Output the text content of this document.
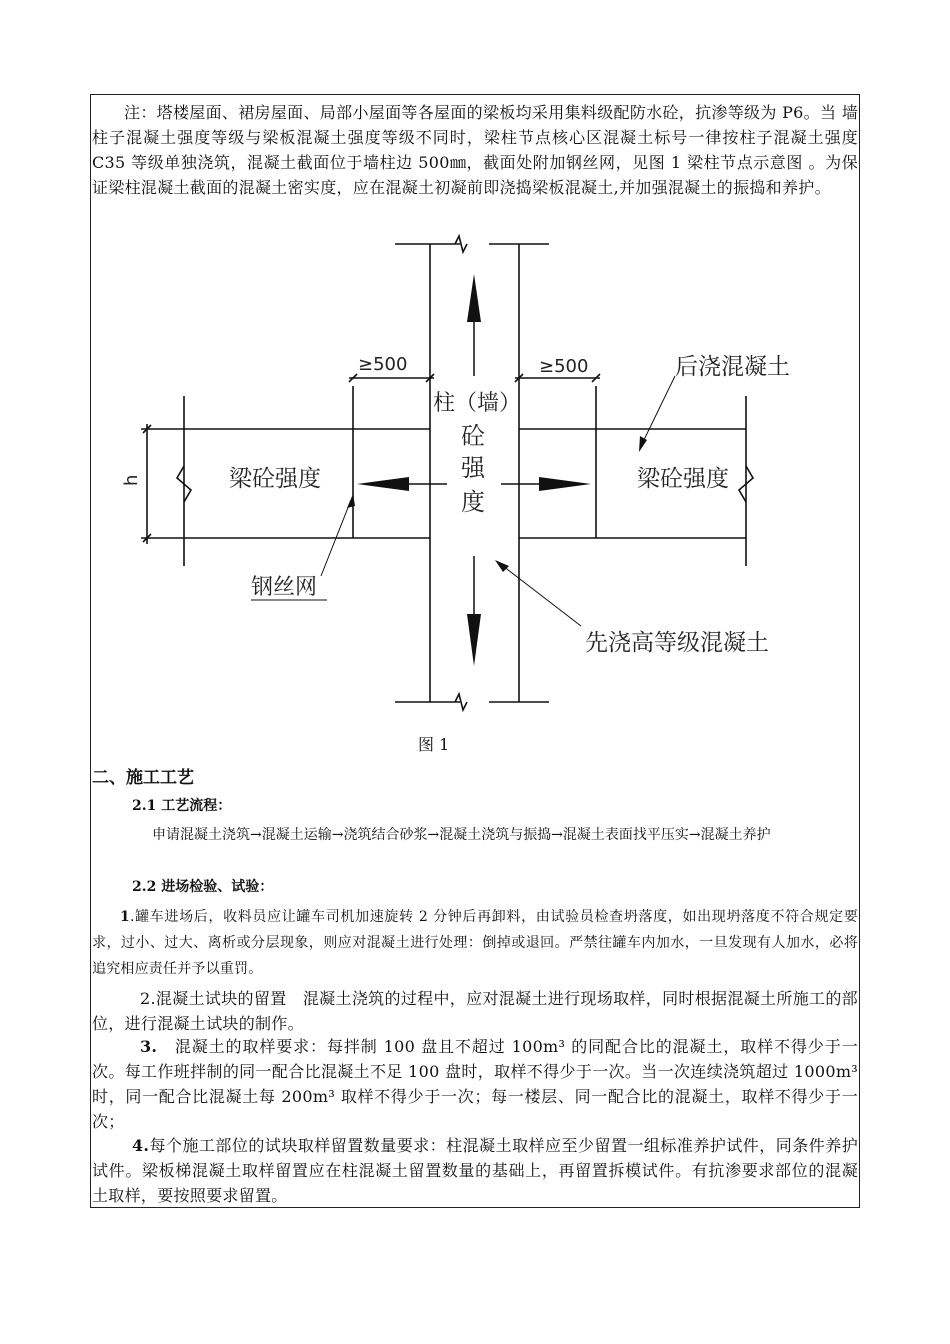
注：塔楼屋面、裙房屋面、局部小屋面等各屋面的梁板均采用集料级配防水砼，抗渗等级为 P6。当 墙柱子混凝土强度等级与梁板混凝土强度等级不同时，梁柱节点核心区混凝土标号一律按柱子混凝土强度 C35 等级单独浇筑，混凝土截面位于墙柱边 500㎜，截面处附加钢丝网，见图 1 梁柱节点示意图 。为保证梁柱混凝土截面的混凝土密实度，应在混凝土初凝前即浇捣梁板混凝土,并加强混凝土的振捣和养护。
≥500	≥500
柱（墙）
砼
强
度
梁砼强度	梁砼强度
后浇混凝土
钢丝网
先浇高等级混凝土
h
图 1
二、施工工艺
2.1 工艺流程：
申请混凝土浇筑→混凝土运输→浇筑结合砂浆→混凝土浇筑与振捣→混凝土表面找平压实→混凝土养护
2.2 进场检验、试验：
1.罐车进场后，收料员应让罐车司机加速旋转 2 分钟后再卸料，由试验员检查坍落度，如出现坍落度不符合规定要求，过小、过大、离析或分层现象，则应对混凝土进行处理：倒掉或退回。严禁往罐车内加水，一旦发现有人加水，必将追究相应责任并予以重罚。
2.混凝土试块的留置　混凝土浇筑的过程中，应对混凝土进行现场取样，同时根据混凝土所施工的部位，进行混凝土试块的制作。
3.　混凝土的取样要求：每拌制 100 盘且不超过 100m³ 的同配合比的混凝土，取样不得少于一次。每工作班拌制的同一配合比混凝土不足 100 盘时，取样不得少于一次。当一次连续浇筑超过 1000m³ 时，同一配合比混凝土每 200m³ 取样不得少于一次；每一楼层、同一配合比的混凝土，取样不得少于一次；
4.每个施工部位的试块取样留置数量要求：柱混凝土取样应至少留置一组标准养护试件，同条件养护试件。梁板梯混凝土取样留置应在柱混凝土留置数量的基础上，再留置拆模试件。有抗渗要求部位的混凝土取样，要按照要求留置。
